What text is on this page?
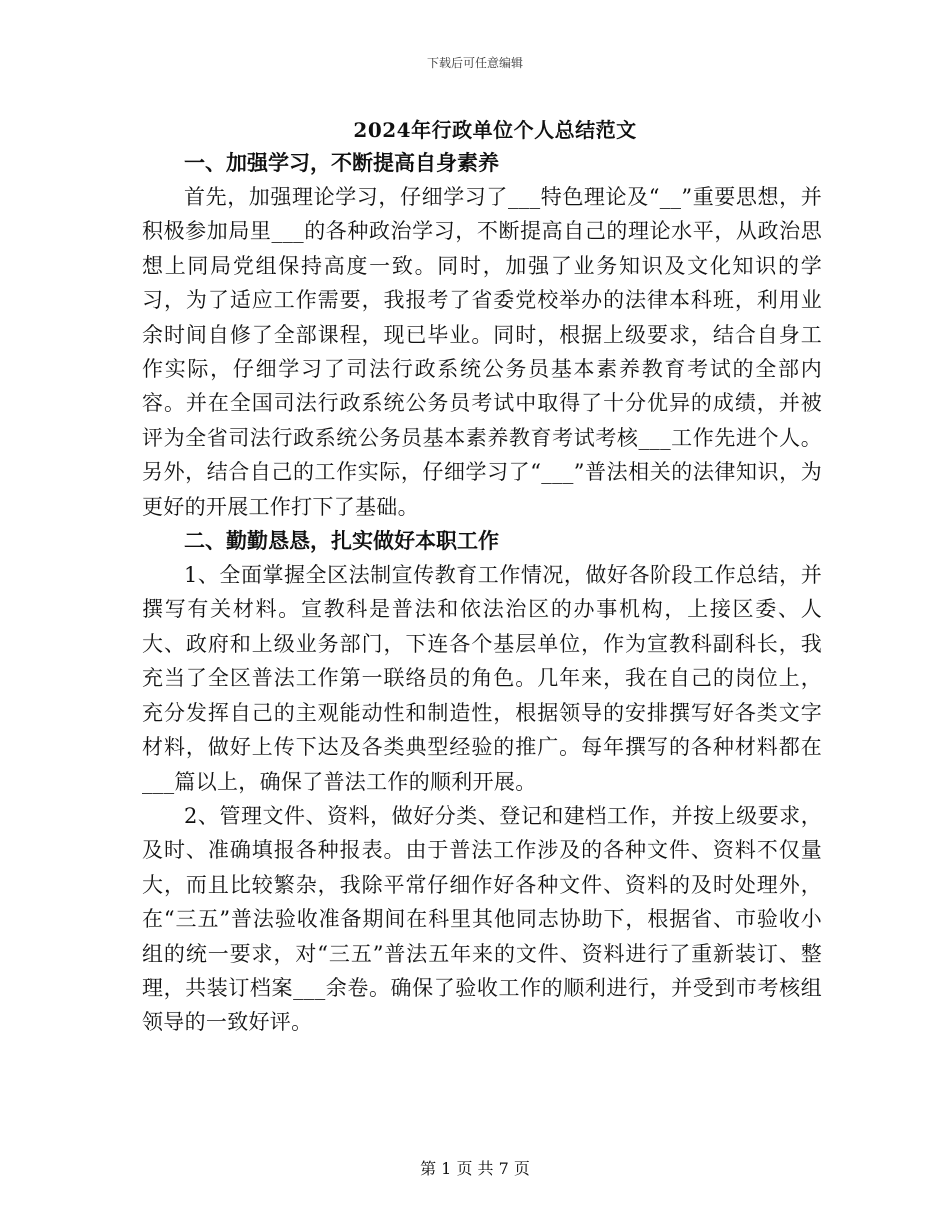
下载后可任意编辑
2024年行政单位个人总结范文
一、加强学习，不断提高自身素养

首先，加强理论学习，仔细学习了___特色理论及“__”重要思想，并积极参加局里___的各种政治学习，不断提高自己的理论水平，从政治思想上同局党组保持高度一致。同时，加强了业务知识及文化知识的学习，为了适应工作需要，我报考了省委党校举办的法律本科班，利用业余时间自修了全部课程，现已毕业。同时，根据上级要求，结合自身工作实际，仔细学习了司法行政系统公务员基本素养教育考试的全部内容。并在全国司法行政系统公务员考试中取得了十分优异的成绩，并被评为全省司法行政系统公务员基本素养教育考试考核___工作先进个人。另外，结合自己的工作实际，仔细学习了“___”普法相关的法律知识，为更好的开展工作打下了基础。

二、勤勤恳恳，扎实做好本职工作

1、全面掌握全区法制宣传教育工作情况，做好各阶段工作总结，并撰写有关材料。宣教科是普法和依法治区的办事机构，上接区委、人大、政府和上级业务部门，下连各个基层单位，作为宣教科副科长，我充当了全区普法工作第一联络员的角色。几年来，我在自己的岗位上，充分发挥自己的主观能动性和制造性，根据领导的安排撰写好各类文字材料，做好上传下达及各类典型经验的推广。每年撰写的各种材料都在___篇以上，确保了普法工作的顺利开展。

2、管理文件、资料，做好分类、登记和建档工作，并按上级要求，及时、准确填报各种报表。由于普法工作涉及的各种文件、资料不仅量大，而且比较繁杂，我除平常仔细作好各种文件、资料的及时处理外，在“三五”普法验收准备期间在科里其他同志协助下，根据省、市验收小组的统一要求，对“三五”普法五年来的文件、资料进行了重新装订、整理，共装订档案___余卷。确保了验收工作的顺利进行，并受到市考核组领导的一致好评。

第 1 页 共 7 页
